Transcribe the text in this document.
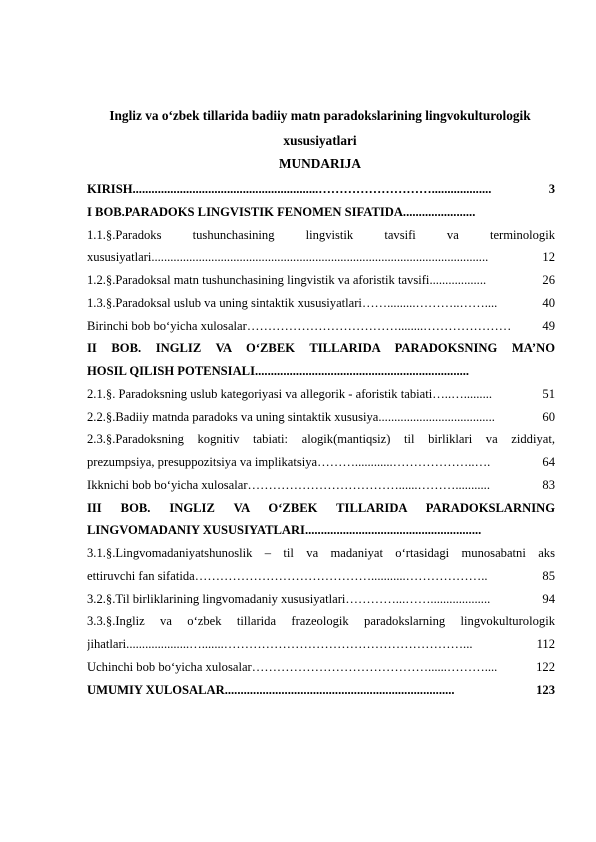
Ingliz va o‘zbek tillarida badiiy matn paradokslarining lingvokulturologik
xususiyatlari
MUNDARIJA
KIRISH ...........................................................………………………...................	3
I BOB.PARADOKS LINGVISTIK FENOMEN SIFATIDA.......................
1.1.§.Paradoks tushunchasining lingvistik tavsifi va terminologik
xususiyatlari ...........................................................................................................	12
1.2.§.Paradoksal matn tushunchasining lingvistik va aforistik tavsifi ..................	26
1.3.§.Paradoksal uslub va uning sintaktik xususiyatlari …….........………..……....	40
Birinchi bob bo‘yicha xulosalar ………………………………........…………………	49
II BOB. INGLIZ VA O‘ZBEK TILLARIDA PARADOKSNING MA’NO
HOSIL QILISH POTENSIALI....................................................................
2.1.§. Paradoksning uslub kategoriyasi va allegorik - aforistik tabiati …..….........	51
2.2.§.Badiiy matnda paradoks va uning sintaktik xususiya .....................................	60
2.3.§.Paradoksning kognitiv tabiati: alogik(mantiqsiz) til birliklari va ziddiyat,
prezumpsiya, presuppozitsiya va implikatsiya ………............………………..….	64
Ikknichi bob bo‘yicha xulosalar ………………………………......………...........	83
III BOB. INGLIZ VA O‘ZBEK TILLARIDA PARADOKSLARNING
LINGVOMADANIY XUSUSIYATLARI........................................................
3.1.§.Lingvomadaniyatshunoslik – til va madaniyat o‘rtasidagi munosabatni aks
ettiruvchi fan sifatida ……………………………………...........………………..	85
3.2.§.Til birliklarining lingvomadaniy xususiyatlari …………...……...................	94
3.3.§.Ingliz va o‘zbek tillarida frazeologik paradokslarning lingvokulturologik
jihatlari ....................….......…………………………………………………...	112
Uchinchi bob bo‘yicha xulosalar ……………………………………......………....	122
UMUMIY XULOSALAR .........................................................................	123
